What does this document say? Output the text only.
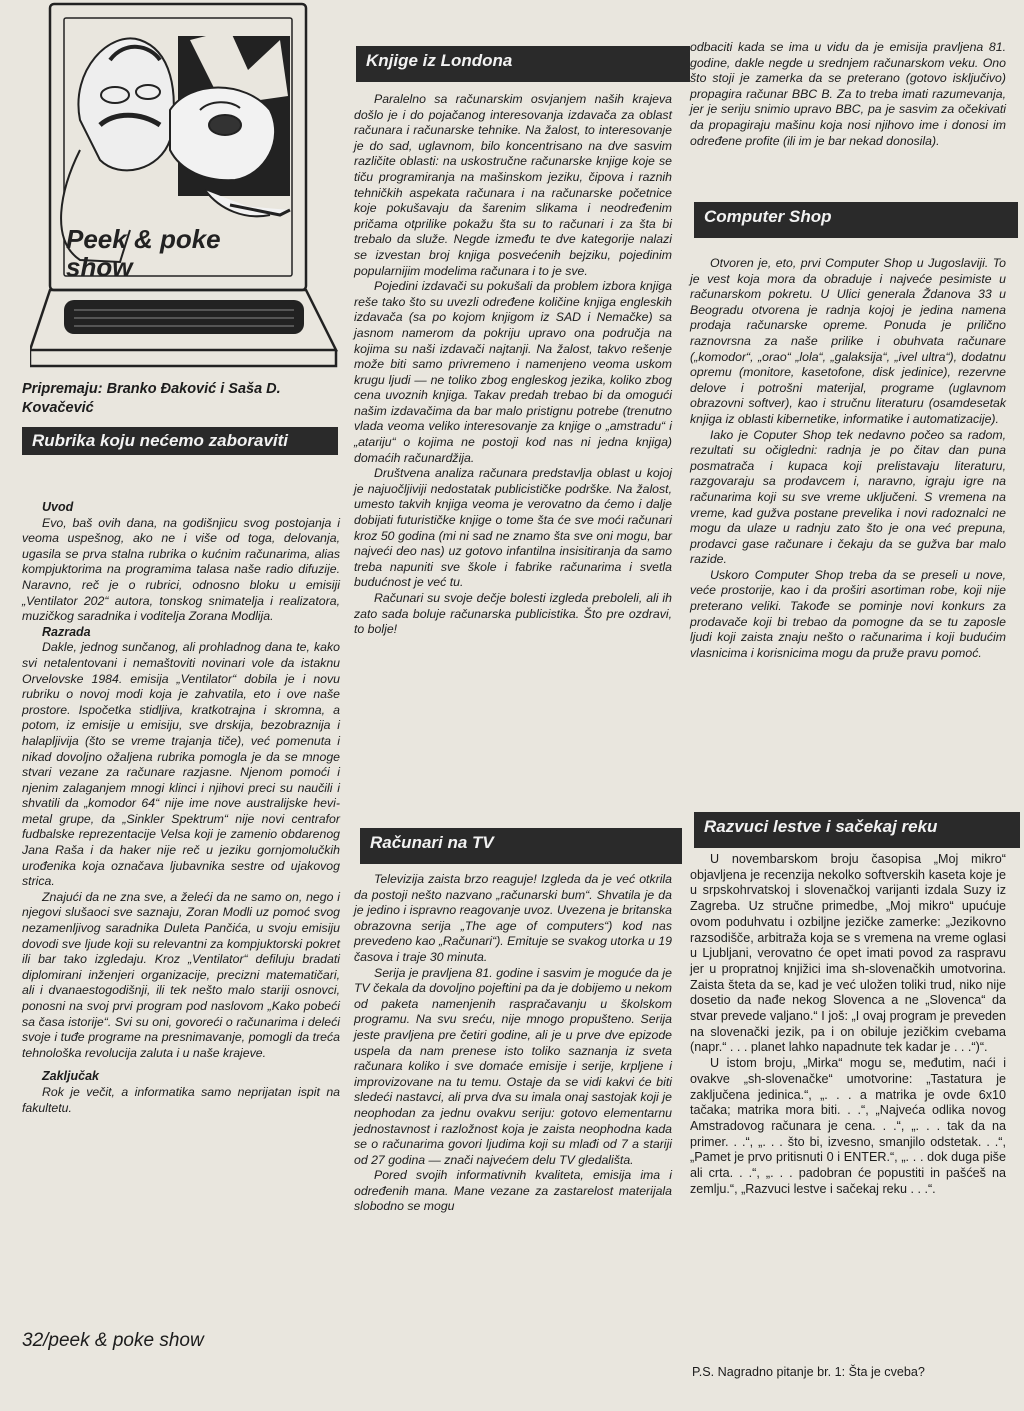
Peek & poke
show
Pripremaju: Branko Đaković i Saša D. Kovačević
Rubrika koju nećemo zaboraviti

Uvod

Evo, baš ovih dana, na godišnjicu svog postojanja i veoma uspešnog, ako ne i više od toga, delovanja, ugasila se prva stalna rubrika o kućnim računarima, alias kompjuktorima na programima talasa naše radio difuzije. Naravno, reč je o rubrici, odnosno bloku u emisiji „Ventilator 202“ autora, tonskog snimatelja i realizatora, muzičkog saradnika i voditelja Zorana Modlija.

Razrada

Dakle, jednog sunčanog, ali prohladnog dana te, kako svi netalentovani i nemaštoviti novinari vole da istaknu Orvelovske 1984. emisija „Ventilator“ dobila je i novu rubriku o novoj modi koja je zahvatila, eto i ove naše prostore. Ispočetka stidljiva, kratkotrajna i skromna, a potom, iz emisije u emisiju, sve drskija, bezobraznija i halapljivija (što se vreme trajanja tiče), već pomenuta i nikad dovoljno ožaljena rubrika pomogla je da se mnoge stvari vezane za računare razjasne. Njenom pomoći i njenim zalaganjem mnogi klinci i njihovi preci su naučili i shvatili da „komodor 64“ nije ime nove australijske hevi-metal grupe, da „Sinkler Spektrum“ nije novi centrafor fudbalske reprezentacije Velsa koji je zamenio obdarenog Jana Raša i da haker nije reč u jeziku gornjomolučkih urođenika koja označava ljubavnika sestre od ujakovog strica.

Znajući da ne zna sve, a želeći da ne samo on, nego i njegovi slušaoci sve saznaju, Zoran Modli uz pomoć svog nezamenljivog saradnika Duleta Pančića, u svoju emisiju dovodi sve ljude koji su relevantni za kompjuktorski pokret ili bar tako izgledaju. Kroz „Ventilator“ defiluju bradati diplomirani inženjeri organizacije, precizni matematičari, ali i dvanaestogodišnji, ili tek nešto malo stariji osnovci, ponosni na svoj prvi program pod naslovom „Kako pobeći sa časa istorije“. Svi su oni, govoreći o računarima i deleći svoje i tuđe programe na presnimavanje, pomogli da treća tehnološka revolucija zaluta i u naše krajeve.

Zaključak

Rok je večit, a informatika samo neprijatan ispit na fakultetu.

32/peek & poke show
Knjige iz Londona

Paralelno sa računarskim osvjanjem naših krajeva došlo je i do pojačanog interesovanja izdavača za oblast računara i računarske tehnike. Na žalost, to interesovanje je do sad, uglavnom, bilo koncentrisano na dve sasvim različite oblasti: na uskostručne računarske knjige koje se tiču programiranja na mašinskom jeziku, čipova i raznih tehničkih aspekata računara i na računarske početnice koje pokušavaju da šarenim slikama i neodređenim pričama otprilike pokažu šta su to računari i za šta bi trebalo da služe. Negde između te dve kategorije nalazi se izvestan broj knjiga posvećenih bejziku, pojedinim popularnijim modelima računara i to je sve.

Pojedini izdavači su pokušali da problem izbora knjiga reše tako što su uvezli određene količine knjiga engleskih izdavača (sa po kojom knjigom iz SAD i Nemačke) sa jasnom namerom da pokriju upravo ona područja na kojima su naši izdavači najtanji. Na žalost, takvo rešenje može biti samo privremeno i namenjeno veoma uskom krugu ljudi — ne toliko zbog engleskog jezika, koliko zbog cena uvoznih knjiga. Takav predah trebao bi da omogući našim izdavačima da bar malo pristignu potrebe (trenutno vlada veoma veliko interesovanje za knjige o „amstradu“ i „atariju“ o kojima ne postoji kod nas ni jedna knjiga) domaćih računardžija.

Društvena analiza računara predstavlja oblast u kojoj je najuočljiviji nedostatak publicističke podrške. Na žalost, umesto takvih knjiga veoma je verovatno da ćemo i dalje dobijati futurističke knjige o tome šta će sve moći računari kroz 50 godina (mi ni sad ne znamo šta sve oni mogu, bar najveći deo nas) uz gotovo infantilna insisitiranja da samo treba napuniti sve škole i fabrike računarima i svetla budućnost je već tu.

Računari su svoje dečje bolesti izgleda preboleli, ali ih zato sada boluje računarska publicistika. Što pre ozdravi, to bolje!

Računari na TV

Televizija zaista brzo reaguje! Izgleda da je već otkrila da postoji nešto nazvano „računarski bum“. Shvatila je da je jedino i ispravno reagovanje uvoz. Uvezena je britanska obrazovna serija „The age of computers“) kod nas prevedeno kao „Računari“). Emituje se svakog utorka u 19 časova i traje 30 minuta.

Serija je pravljena 81. godine i sasvim je moguće da je TV čekala da dovoljno pojeftini pa da je dobijemo u nekom od paketa namenjenih raspračavanju u školskom programu. Na svu sreću, nije mnogo propušteno. Serija jeste pravljena pre četiri godine, ali je u prve dve epizode uspela da nam prenese isto toliko saznanja iz sveta računara koliko i sve domaće emisije i serije, krpljene i improvizovane na tu temu. Ostaje da se vidi kakvi će biti sledeći nastavci, ali prva dva su imala onaj sastojak koji je neophodan za jednu ovakvu seriju: gotovo elementarnu jednostavnost i razložnost koja je zaista neophodna kada se o računarima govori ljudima koji su mlađi od 7 a stariji od 27 godina — znači najvećem delu TV gledališta.

Pored svojih informativnih kvaliteta, emisija ima i određenih mana. Mane vezane za zastarelost materijala slobodno se mogu

odbaciti kada se ima u vidu da je emisija pravljena 81. godine, dakle negde u srednjem računarskom veku. Ono što stoji je zamerka da se preterano (gotovo isključivo) propagira računar BBC B. Za to treba imati razumevanja, jer je seriju snimio upravo BBC, pa je sasvim za očekivati da propagiraju mašinu koja nosi njihovo ime i donosi im određene profite (ili im je bar nekad donosila).

Computer Shop

Otvoren je, eto, prvi Computer Shop u Jugoslaviji. To je vest koja mora da obraduje i najveće pesimiste u računarskom pokretu. U Ulici generala Ždanova 33 u Beogradu otvorena je radnja kojoj je jedina namena prodaja računarske opreme. Ponuda je prilično raznovrsna za naše prilike i obuhvata računare („komodor“, „orao“ „lola“, „galaksija“, „ivel ultra“), dodatnu opremu (monitore, kasetofone, disk jedinice), rezervne delove i potrošni materijal, programe (uglavnom obrazovni softver), kao i stručnu literaturu (osamdesetak knjiga iz oblasti kibernetike, informatike i automatizacije).

Iako je Coputer Shop tek nedavno počeo sa radom, rezultati su očigledni: radnja je po čitav dan puna posmatrača i kupaca koji prelistavaju literaturu, razgovaraju sa prodavcem i, naravno, igraju igre na računarima koji su sve vreme uključeni. S vremena na vreme, kad gužva postane prevelika i novi radoznalci ne mogu da ulaze u radnju zato što je ona već prepuna, prodavci gase računare i čekaju da se gužva bar malo razide.

Uskoro Computer Shop treba da se preseli u nove, veće prostorije, kao i da proširi asortiman robe, koji nije preterano veliki. Takođe se pominje novi konkurs za prodavače koji bi trebao da pomogne da se tu zaposle ljudi koji zaista znaju nešto o računarima i koji budućim vlasnicima i korisnicima mogu da pruže pravu pomoć.

Razvuci lestve i sačekaj reku

U novembarskom broju časopisa „Moj mikro“ objavljena je recenzija nekolko softverskih kaseta koje je u srpskohrvatskoj i slovenačkoj varijanti izdala Suzy iz Zagreba. Uz stručne primedbe, „Moj mikro“ upućuje ovom poduhvatu i ozbiljne jezičke zamerke: „Jezikovno razsodišče, arbitraža koja se s vremena na vreme oglasi u Ljubljani, verovatno će opet imati povod za raspravu jer u propratnoj knjižici ima sh-slovenačkih umotvorina. Zaista šteta da se, kad je već uložen toliki trud, niko nije dosetio da nađe nekog Slovenca a ne „Slovenca“ da stvar prevede valjano.“ I još: „I ovaj program je preveden na slovenački jezik, pa i on obiluje jezičkim cvebama (napr.“ . . . planet lahko napadnute tek kadar je . . .“)“.

U istom broju, „Mirka“ mogu se, međutim, naći i ovakve „sh-slovenačke“ umotvorine: „Tastatura je zaključena jedinica.“, „. . . a matrika je ovde 6x10 tačaka; matrika mora biti. . .“, „Najveća odlika novog Amstradovog računara je cena. . .“, „. . . tak da na primer. . .“, „. . . što bi, izvesno, smanjilo odstetak. . .“, „Pamet je prvo pritisnuti 0 i ENTER.“, „. . . dok duga piše ali crta. . .“, „. . . padobran će popustiti in pašćeš na zemlju.“, „Razvuci lestve i sačekaj reku . . .“.

P.S. Nagradno pitanje br. 1: Šta je cveba?
